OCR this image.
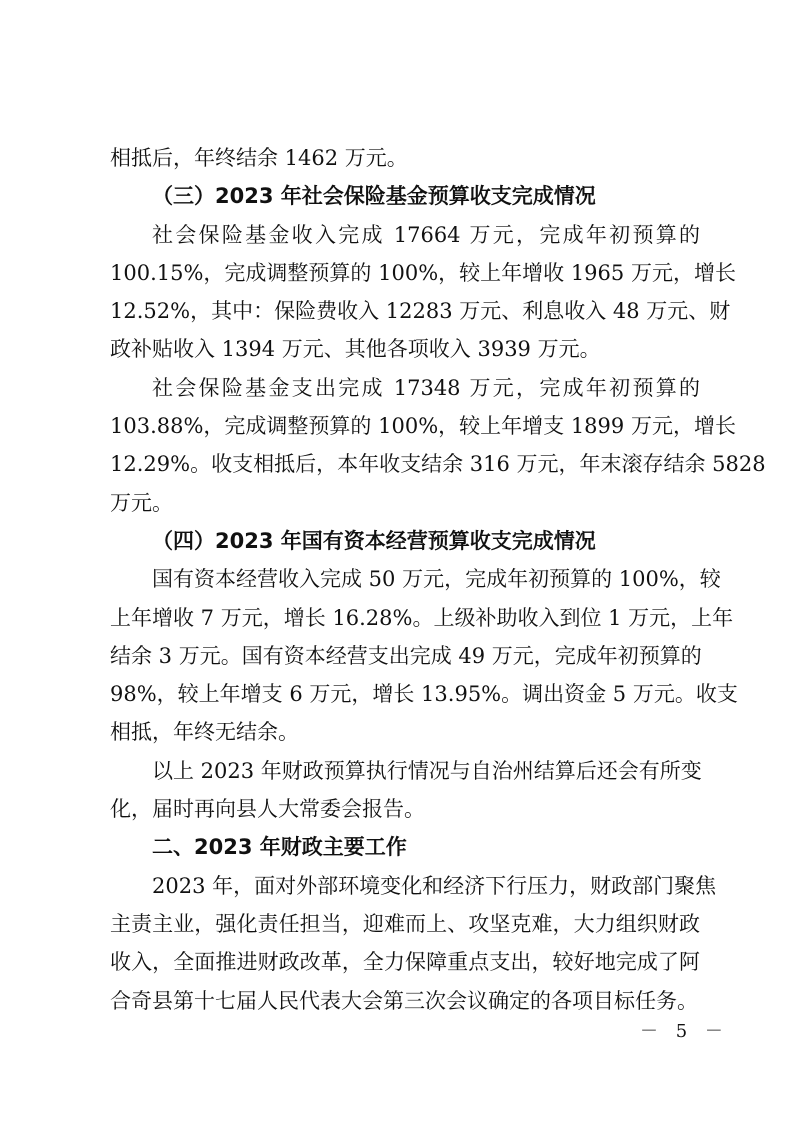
相抵后，年终结余 1462 万元。
（三）2023 年社会保险基金预算收支完成情况
社会保险基金收入完成 17664 万元，完成年初预算的
100.15%，完成调整预算的 100%，较上年增收 1965 万元，增长
12.52%，其中：保险费收入 12283 万元、利息收入 48 万元、财
政补贴收入 1394 万元、其他各项收入 3939 万元。
社会保险基金支出完成 17348 万元，完成年初预算的
103.88%，完成调整预算的 100%，较上年增支 1899 万元，增长
12.29%。收支相抵后，本年收支结余 316 万元，年末滚存结余 5828
万元。
（四）2023 年国有资本经营预算收支完成情况
国有资本经营收入完成 50 万元，完成年初预算的 100%，较
上年增收 7 万元，增长 16.28%。上级补助收入到位 1 万元，上年
结余 3 万元。国有资本经营支出完成 49 万元，完成年初预算的
98%，较上年增支 6 万元，增长 13.95%。调出资金 5 万元。收支
相抵，年终无结余。
以上 2023 年财政预算执行情况与自治州结算后还会有所变
化，届时再向县人大常委会报告。
二、2023 年财政主要工作
2023 年，面对外部环境变化和经济下行压力，财政部门聚焦
主责主业，强化责任担当，迎难而上、攻坚克难，大力组织财政
收入，全面推进财政改革，全力保障重点支出，较好地完成了阿
合奇县第十七届人民代表大会第三次会议确定的各项目标任务。
－ 5 －
